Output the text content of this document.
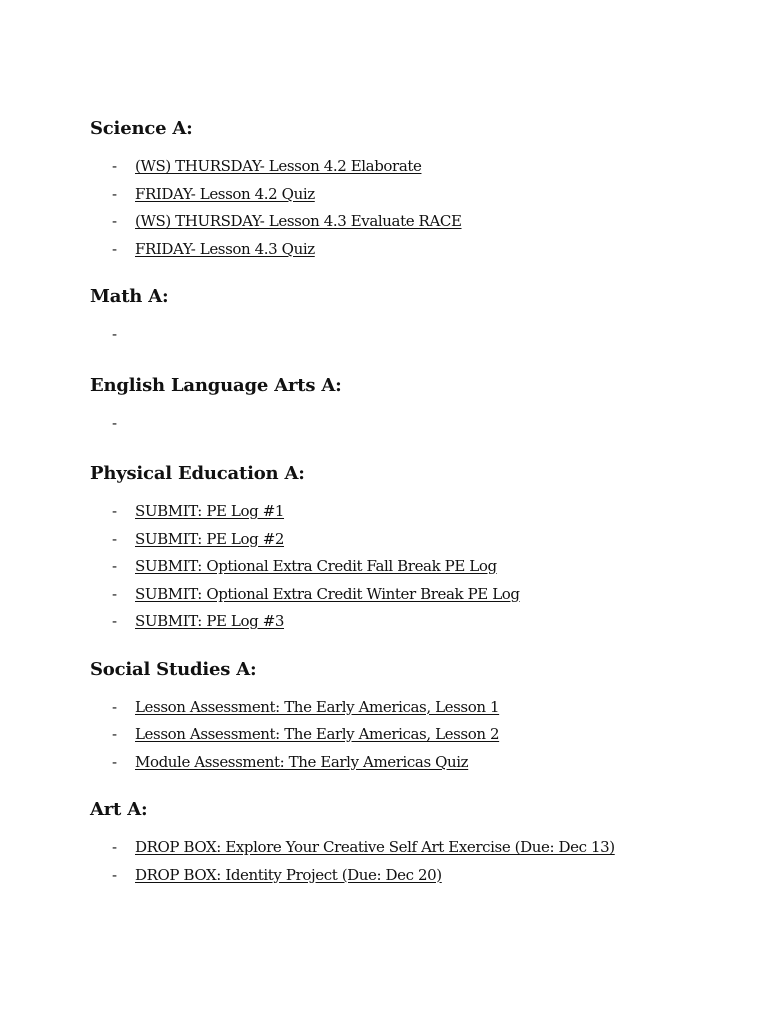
Science A:
- (WS) THURSDAY- Lesson 4.2 Elaborate
- FRIDAY- Lesson 4.2 Quiz
- (WS) THURSDAY- Lesson 4.3 Evaluate RACE
- FRIDAY- Lesson 4.3 Quiz
Math A:
-
English Language Arts A:
-
Physical Education A:
- SUBMIT: PE Log #1
- SUBMIT: PE Log #2
- SUBMIT: Optional Extra Credit Fall Break PE Log
- SUBMIT: Optional Extra Credit Winter Break PE Log
- SUBMIT: PE Log #3
Social Studies A:
- Lesson Assessment: The Early Americas, Lesson 1
- Lesson Assessment: The Early Americas, Lesson 2
- Module Assessment: The Early Americas Quiz
Art A:
- DROP BOX: Explore Your Creative Self Art Exercise (Due: Dec 13)
- DROP BOX: Identity Project (Due: Dec 20)
